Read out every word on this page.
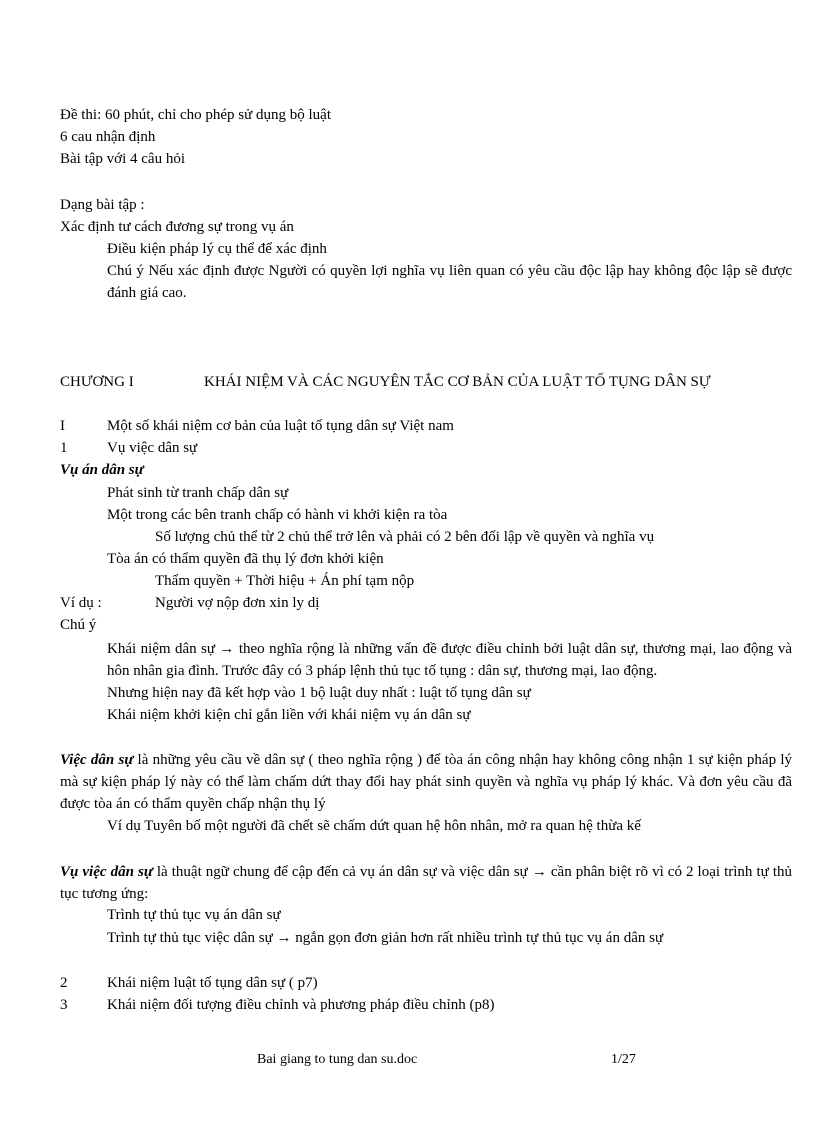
Đề thi: 60 phút, chỉ cho phép sử dụng bộ luật
6 cau nhận định
Bài tập với 4 câu hỏi
Dạng bài tập :
Xác định tư cách đương sự trong vụ án
Điều kiện pháp lý cụ thể để xác định
Chú ý Nếu xác định được Người có quyền lợi nghĩa vụ liên quan có yêu cầu độc lập hay không độc lập sẽ được đánh giá cao.
CHƯƠNG I	KHÁI NIỆM VÀ CÁC NGUYÊN TẮC CƠ BẢN CỦA LUẬT TỐ TỤNG DÂN SỰ
I	Một số khái niệm cơ bản của luật tố tụng dân sự Việt nam
1	Vụ việc dân sự
Vụ án dân sự
Phát sinh từ tranh chấp dân sự
Một trong các bên tranh chấp có hành vi khởi kiện ra tòa
Số lượng chủ thể từ 2 chủ thể trở lên và phải có 2 bên đối lập về quyền và nghĩa vụ
Tòa án có thẩm quyền đã thụ lý đơn khởi kiện
Thẩm quyền + Thời hiệu + Án phí tạm nộp
Ví dụ :	Người vợ nộp đơn xin ly dị
Chú ý
Khái niệm dân sự → theo nghĩa rộng là những vấn đề được điều chỉnh bởi luật dân sự, thương mại, lao động và hôn nhân gia đình. Trước đây có 3 pháp lệnh thủ tục tố tụng : dân sự, thương mại, lao động.
Nhưng hiện nay đã kết hợp vào 1 bộ luật duy nhất : luật tố tụng dân sự
Khái niệm khởi kiện chỉ gắn liền với khái niệm vụ án dân sự
Việc dân sự là những yêu cầu về dân sự ( theo nghĩa rộng ) để tòa án công nhận hay không công nhận 1 sự kiện pháp lý mà sự kiện pháp lý này có thể làm chấm dứt thay đổi hay phát sinh quyền và nghĩa vụ pháp lý khác. Và đơn yêu cầu đã được tòa án có thẩm quyền chấp nhận thụ lý
Ví dụ Tuyên bố một người đã chết sẽ chấm dứt quan hệ hôn nhân, mở ra quan hệ thừa kế
Vụ việc dân sự là thuật ngữ chung để cập đến cả vụ án dân sự và việc dân sự → cần phân biệt rõ vì có 2 loại trình tự thủ tục tương ứng:
Trình tự thủ tục vụ án dân sự
Trình tự thủ tục việc dân sự → ngắn gọn đơn giản hơn rất nhiều trình tự thủ tục vụ án dân sự
2	Khái niệm luật tố tụng dân sự ( p7)
3	Khái niệm đối tượng điều chỉnh và phương pháp điều chỉnh (p8)
Bai giang to tung dan su.doc	1/27
